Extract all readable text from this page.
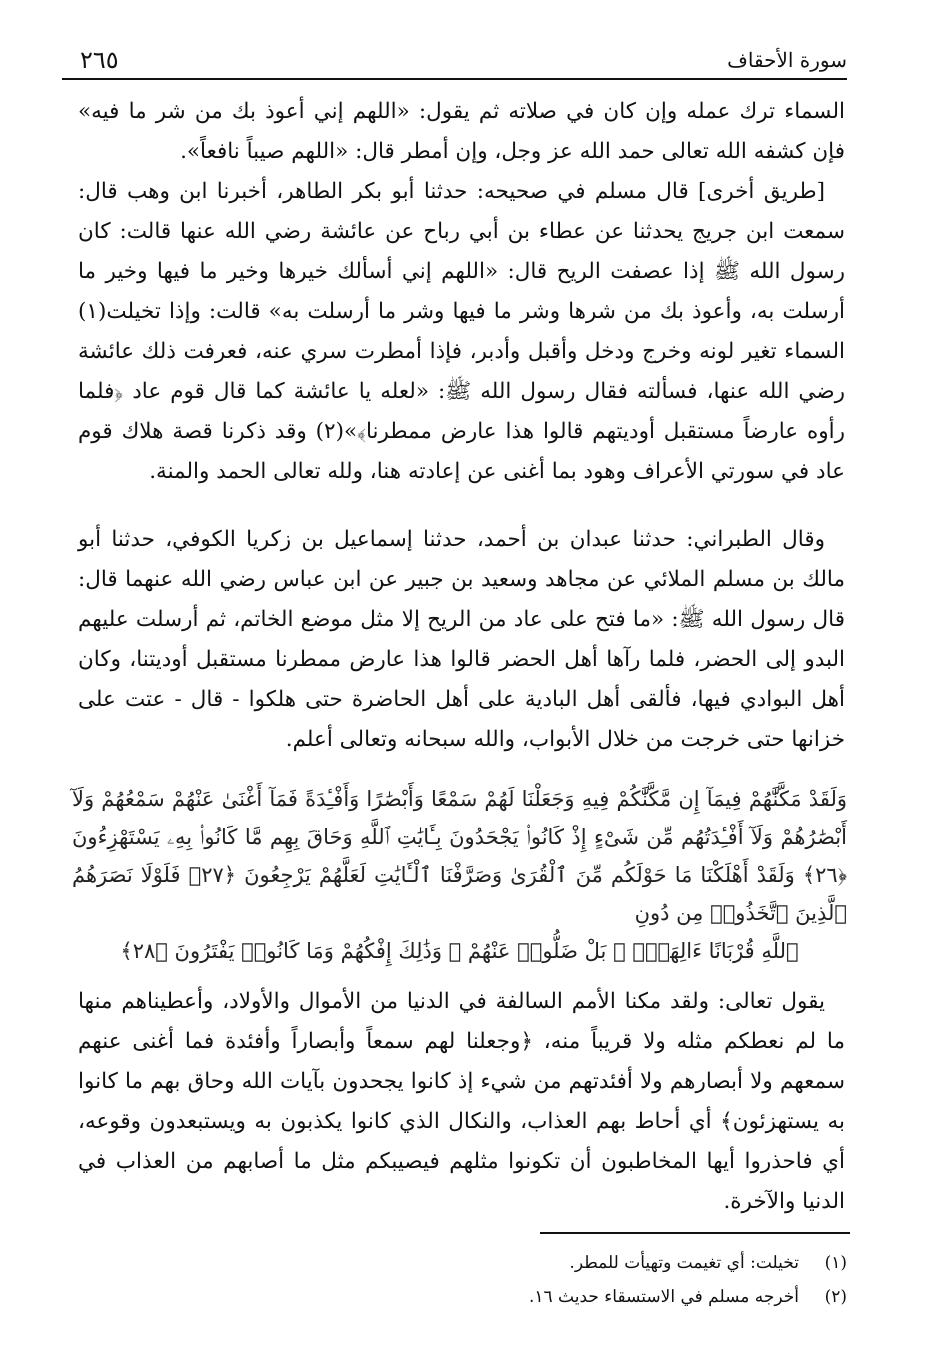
سورة الأحقاف
٢٦٥

السماء ترك عمله وإن كان في صلاته ثم يقول: «اللهم إني أعوذ بك من شر ما فيه» فإن كشفه الله تعالى حمد الله عز وجل، وإن أمطر قال: «اللهم صيباً نافعاً».

[طريق أخرى] قال مسلم في صحيحه: حدثنا أبو بكر الطاهر، أخبرنا ابن وهب قال: سمعت ابن جريج يحدثنا عن عطاء بن أبي رباح عن عائشة رضي الله عنها قالت: كان رسول الله ﷺ إذا عصفت الريح قال: «اللهم إني أسألك خيرها وخير ما فيها وخير ما أرسلت به، وأعوذ بك من شرها وشر ما فيها وشر ما أرسلت به» قالت: وإذا تخيلت(١) السماء تغير لونه وخرج ودخل وأقبل وأدبر، فإذا أمطرت سري عنه، فعرفت ذلك عائشة رضي الله عنها، فسألته فقال رسول الله ﷺ: «لعله يا عائشة كما قال قوم عاد ﴿فلما رأوه عارضاً مستقبل أوديتهم قالوا هذا عارض ممطرنا﴾»(٢) وقد ذكرنا قصة هلاك قوم عاد في سورتي الأعراف وهود بما أغنى عن إعادته هنا، ولله تعالى الحمد والمنة.

وقال الطبراني: حدثنا عبدان بن أحمد، حدثنا إسماعيل بن زكريا الكوفي، حدثنا أبو مالك بن مسلم الملائي عن مجاهد وسعيد بن جبير عن ابن عباس رضي الله عنهما قال: قال رسول الله ﷺ: «ما فتح على عاد من الريح إلا مثل موضع الخاتم، ثم أرسلت عليهم البدو إلى الحضر، فلما رآها أهل الحضر قالوا هذا عارض ممطرنا مستقبل أوديتنا، وكان أهل البوادي فيها، فألقى أهل البادية على أهل الحاضرة حتى هلكوا - قال - عتت على خزانها حتى خرجت من خلال الأبواب، والله سبحانه وتعالى أعلم.

وَلَقَدْ مَكَّنَّٰهُمْ فِيمَآ إِن مَّكَّنَّٰكُمْ فِيهِ وَجَعَلْنَا لَهُمْ سَمْعًا وَأَبْصَٰرًا وَأَفْـِٔدَةً فَمَآ أَغْنَىٰ عَنْهُمْ سَمْعُهُمْ وَلَآ أَبْصَٰرُهُمْ وَلَآ أَفْـِٔدَتُهُم مِّن شَىْءٍ إِذْ كَانُوا۟ يَجْحَدُونَ بِـَٔايَٰتِ ٱللَّهِ وَحَاقَ بِهِم مَّا كَانُوا۟ بِهِۦ يَسْتَهْزِءُونَ ﴿٢٦﴾ وَلَقَدْ أَهْلَكْنَا مَا حَوْلَكُم مِّنَ ٱلْقُرَىٰ وَصَرَّفْنَا ٱلْـَٔايَٰتِ لَعَلَّهُمْ يَرْجِعُونَ ﴿٢٧﴾ فَلَوْلَا نَصَرَهُمُ ٱلَّذِينَ ٱتَّخَذُوا۟ مِن دُونِ

ٱللَّهِ قُرْبَانًا ءَالِهَةًۢ ۖ بَلْ ضَلُّوا۟ عَنْهُمْ ۚ وَذَٰلِكَ إِفْكُهُمْ وَمَا كَانُوا۟ يَفْتَرُونَ ﴿٢٨﴾

يقول تعالى: ولقد مكنا الأمم السالفة في الدنيا من الأموال والأولاد، وأعطيناهم منها ما لم نعطكم مثله ولا قريباً منه، ﴿وجعلنا لهم سمعاً وأبصاراً وأفئدة فما أغنى عنهم سمعهم ولا أبصارهم ولا أفئدتهم من شيء إذ كانوا يجحدون بآيات الله وحاق بهم ما كانوا به يستهزئون﴾ أي أحاط بهم العذاب، والنكال الذي كانوا يكذبون به ويستبعدون وقوعه، أي فاحذروا أيها المخاطبون أن تكونوا مثلهم فيصيبكم مثل ما أصابهم من العذاب في الدنيا والآخرة.

(١)
تخيلت: أي تغيمت وتهيأت للمطر.
(٢)
أخرجه مسلم في الاستسقاء حديث ١٦.
